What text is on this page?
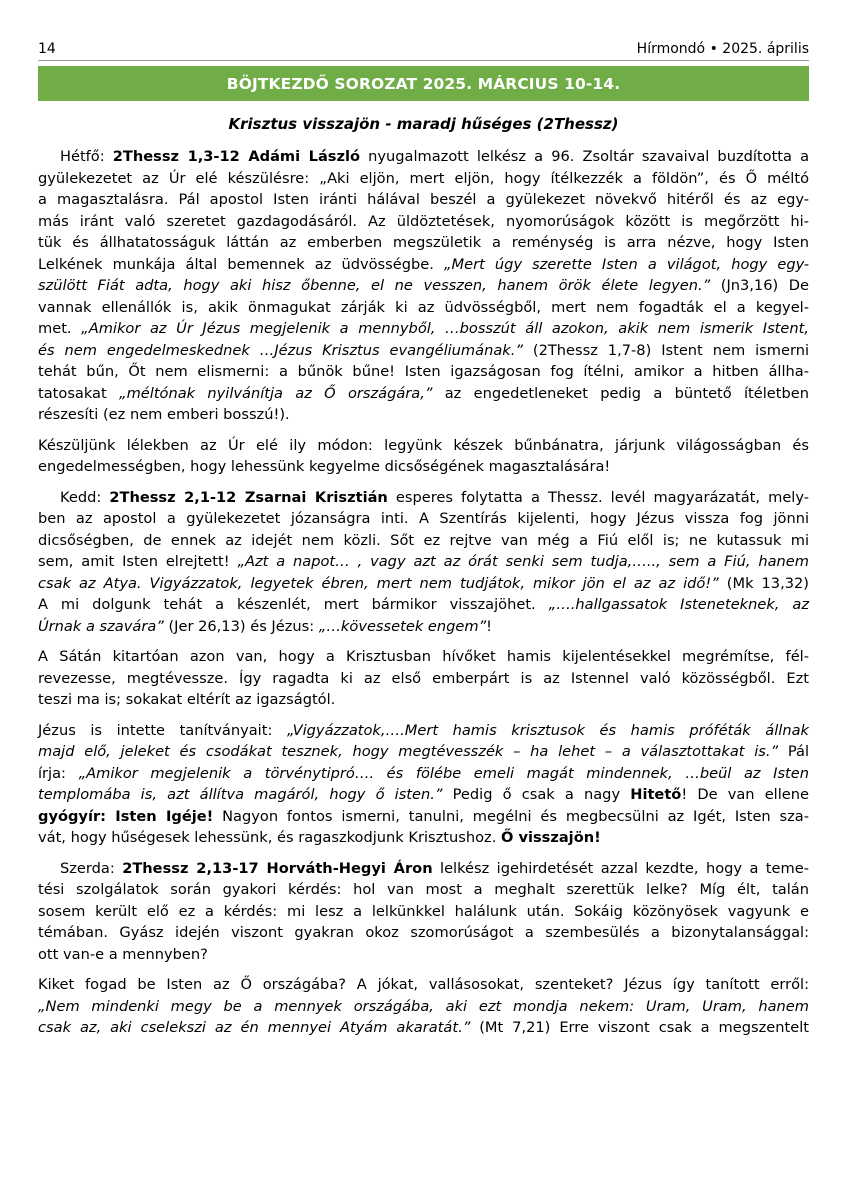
14	Hírmondó • 2025. április
BÖJTKEZDŐ SOROZAT 2025. MÁRCIUS 10-14.
Krisztus visszajön - maradj hűséges (2Thessz)

Hétfő: 2Thessz 1,3-12 Adámi László nyugalmazott lelkész a 96. Zsoltár szavaival buzdította a
gyülekezetet az Úr elé készülésre: „Aki eljön, mert eljön, hogy ítélkezzék a földön”, és Ő méltó
a magasztalásra. Pál apostol Isten iránti hálával beszél a gyülekezet növekvő hitéről és az egy-
más iránt való szeretet gazdagodásáról. Az üldöztetések, nyomorúságok között is megőrzött hi-
tük és állhatatosságuk láttán az emberben megszületik a reménység is arra nézve, hogy Isten
Lelkének munkája által bemennek az üdvösségbe. „Mert úgy szerette Isten a világot, hogy egy-
szülött Fiát adta, hogy aki hisz őbenne, el ne vesszen, hanem örök élete legyen.” (Jn3,16) De
vannak ellenállók is, akik önmagukat zárják ki az üdvösségből, mert nem fogadták el a kegyel-
met. „Amikor az Úr Jézus megjelenik a mennyből, …bosszút áll azokon, akik nem ismerik Istent,
és nem engedelmeskednek …Jézus Krisztus evangéliumának.” (2Thessz 1,7-8) Istent nem ismerni
tehát bűn, Őt nem elismerni: a bűnök bűne! Isten igazságosan fog ítélni, amikor a hitben állha-
tatosakat „méltónak nyilvánítja az Ő országára,” az engedetleneket pedig a büntető ítéletben
részesíti (ez nem emberi bosszú!).

Készüljünk lélekben az Úr elé ily módon: legyünk készek bűnbánatra, járjunk világosságban és
engedelmességben, hogy lehessünk kegyelme dicsőségének magasztalására!

Kedd: 2Thessz 2,1-12 Zsarnai Krisztián esperes folytatta a Thessz. levél magyarázatát, mely-
ben az apostol a gyülekezetet józanságra inti. A Szentírás kijelenti, hogy Jézus vissza fog jönni
dicsőségben, de ennek az idejét nem közli. Sőt ez rejtve van még a Fiú elől is; ne kutassuk mi
sem, amit Isten elrejtett! „Azt a napot… , vagy azt az órát senki sem tudja,….., sem a Fiú, hanem
csak az Atya. Vigyázzatok, legyetek ébren, mert nem tudjátok, mikor jön el az az idő!” (Mk 13,32)
A mi dolgunk tehát a készenlét, mert bármikor visszajöhet. „….hallgassatok Isteneteknek, az
Úrnak a szavára” (Jer 26,13) és Jézus: „…kövessetek engem”!

A Sátán kitartóan azon van, hogy a Krisztusban hívőket hamis kijelentésekkel megrémítse, fél-
revezesse, megtévessze. Így ragadta ki az első emberpárt is az Istennel való közösségből. Ezt
teszi ma is; sokakat eltérít az igazságtól.

Jézus is intette tanítványait: „Vigyázzatok,….Mert hamis krisztusok és hamis próféták állnak
majd elő, jeleket és csodákat tesznek, hogy megtévesszék – ha lehet – a választottakat is.” Pál
írja: „Amikor megjelenik a törvénytipró…. és fölébe emeli magát mindennek, …beül az Isten
templomába is, azt állítva magáról, hogy ő isten.” Pedig ő csak a nagy Hitető! De van ellene
gyógyír: Isten Igéje! Nagyon fontos ismerni, tanulni, megélni és megbecsülni az Igét, Isten sza-
vát, hogy hűségesek lehessünk, és ragaszkodjunk Krisztushoz. Ő visszajön!

Szerda: 2Thessz 2,13-17 Horváth-Hegyi Áron lelkész igehirdetését azzal kezdte, hogy a teme-
tési szolgálatok során gyakori kérdés: hol van most a meghalt szerettük lelke? Míg élt, talán
sosem került elő ez a kérdés: mi lesz a lelkünkkel halálunk után. Sokáig közönyösek vagyunk e
témában. Gyász idején viszont gyakran okoz szomorúságot a szembesülés a bizonytalansággal:
ott van-e a mennyben?

Kiket fogad be Isten az Ő országába? A jókat, vallásosokat, szenteket? Jézus így tanított erről:
„Nem mindenki megy be a mennyek országába, aki ezt mondja nekem: Uram, Uram, hanem
csak az, aki cselekszi az én mennyei Atyám akaratát.” (Mt 7,21) Erre viszont csak a megszentelt
